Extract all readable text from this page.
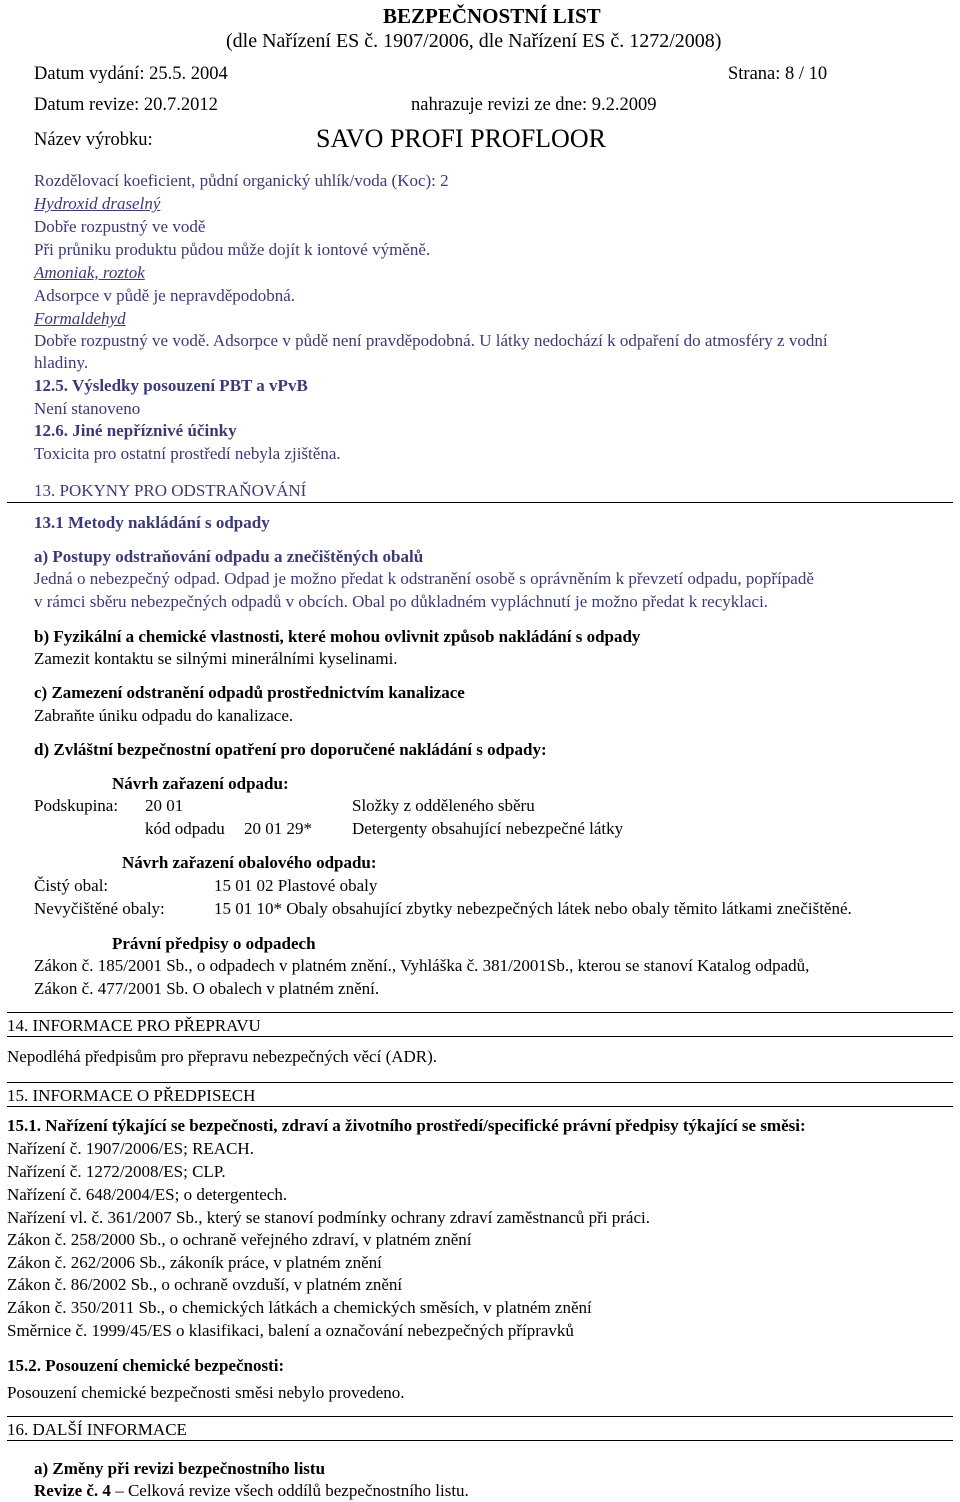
BEZPEČNOSTNÍ LIST
(dle Nařízení ES č. 1907/2006, dle Nařízení ES č. 1272/2008)
Datum vydání: 25.5. 2004	Strana: 8 / 10
Datum revize: 20.7.2012	nahrazuje revizi ze dne: 9.2.2009
Název výrobku:	SAVO PROFI PROFLOOR
Rozdělovací koeficient, půdní organický uhlík/voda (Koc): 2
Hydroxid draselný
Dobře rozpustný ve vodě
Při průniku produktu půdou může dojít k iontové výměně.
Amoniak, roztok
Adsorpce v půdě je nepravděpodobná.
Formaldehyd
Dobře rozpustný ve vodě. Adsorpce v půdě není pravděpodobná. U látky nedochází k odpaření do atmosféry z vodní
hladiny.
12.5. Výsledky posouzení PBT a vPvB
Není stanoveno
12.6. Jiné nepříznivé účinky
Toxicita pro ostatní prostředí nebyla zjištěna.
13. POKYNY PRO ODSTRAŇOVÁNÍ
13.1 Metody nakládání s odpady
a) Postupy odstraňování odpadu a znečištěných obalů
Jedná o nebezpečný odpad. Odpad je možno předat k odstranění osobě s oprávněním k převzetí odpadu, popřípadě
v rámci sběru nebezpečných odpadů v obcích. Obal po důkladném vypláchnutí je možno předat k recyklaci.
b) Fyzikální a chemické vlastnosti, které mohou ovlivnit způsob nakládání s odpady
Zamezit kontaktu se silnými minerálními kyselinami.
c) Zamezení odstranění odpadů prostřednictvím kanalizace
Zabraňte úniku odpadu do kanalizace.
d) Zvláštní bezpečnostní opatření pro doporučené nakládání s odpady:
Návrh zařazení odpadu:
Podskupina: 20 01	Složky z odděleného sběru
kód odpadu 20 01 29* Detergenty obsahující nebezpečné látky
Návrh zařazení obalového odpadu:
Čistý obal:	15 01 02 Plastové obaly
Nevyčištěné obaly:	15 01 10* Obaly obsahující zbytky nebezpečných látek nebo obaly těmito látkami znečištěné.
Právní předpisy o odpadech
Zákon č. 185/2001 Sb., o odpadech v platném znění., Vyhláška č. 381/2001Sb., kterou se stanoví Katalog odpadů,
Zákon č. 477/2001 Sb. O obalech v platném znění.
14. INFORMACE PRO PŘEPRAVU
Nepodléhá předpisům pro přepravu nebezpečných věcí (ADR).
15. INFORMACE O PŘEDPISECH
15.1. Nařízení týkající se bezpečnosti, zdraví a životního prostředí/specifické právní předpisy týkající se směsi:
Nařízení č. 1907/2006/ES; REACH.
Nařízení č. 1272/2008/ES; CLP.
Nařízení č. 648/2004/ES; o detergentech.
Nařízení vl. č. 361/2007 Sb., který se stanoví podmínky ochrany zdraví zaměstnanců při práci.
Zákon č. 258/2000 Sb., o ochraně veřejného zdraví, v platném znění
Zákon č. 262/2006 Sb., zákoník práce, v platném znění
Zákon č. 86/2002 Sb., o ochraně ovzduší, v platném znění
Zákon č. 350/2011 Sb., o chemických látkách a chemických směsích, v platném znění
Směrnice č. 1999/45/ES o klasifikaci, balení a označování nebezpečných přípravků
15.2. Posouzení chemické bezpečnosti:
Posouzení chemické bezpečnosti směsi nebylo provedeno.
16. DALŠÍ INFORMACE
a) Změny při revizi bezpečnostního listu
Revize č. 4 – Celková revize všech oddílů bezpečnostního listu.
